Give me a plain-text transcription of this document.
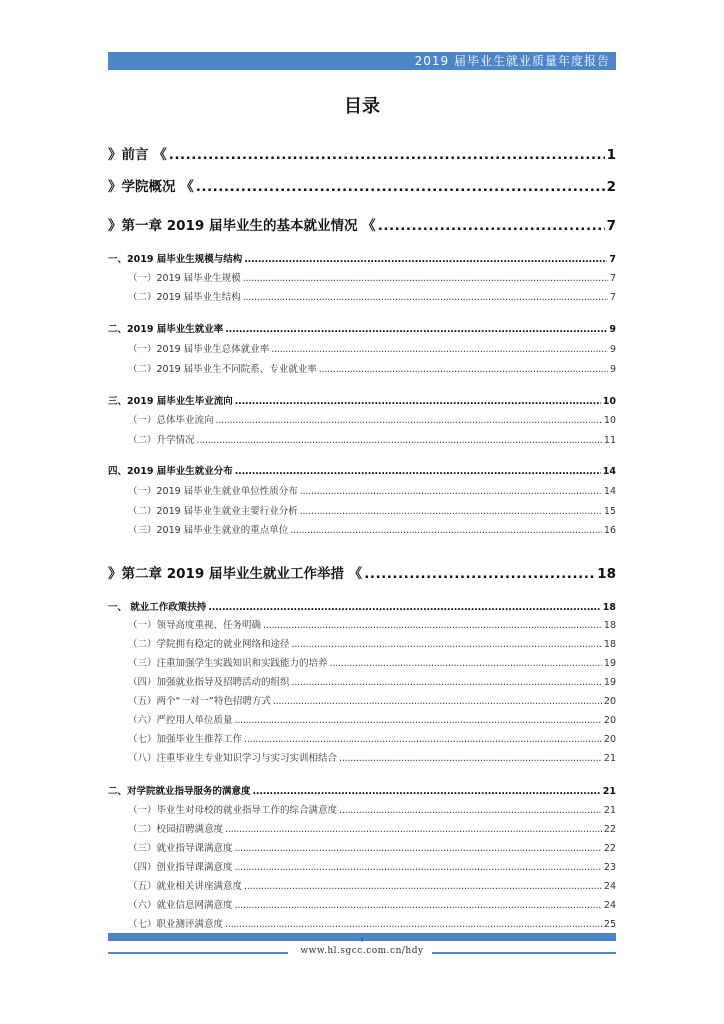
2019 届毕业生就业质量年度报告
目录
》前言 《 .....	1
》学院概况 《 .....	2
》第一章 2019 届毕业生的基本就业情况 《 .....	7
一、2019 届毕业生规模与结构 .....	7
（一）2019 届毕业生规模 .....	7
（二）2019 届毕业生结构 .....	7
二、2019 届毕业生就业率 .....	9
（一）2019 届毕业生总体就业率 .....	9
（二）2019 届毕业生不同院系、专业就业率 .....	9
三、2019 届毕业生毕业流向 .....	10
（一）总体毕业流向 .....	10
（二）升学情况 .....	11
四、2019 届毕业生就业分布 .....	14
（一）2019 届毕业生就业单位性质分布 .....	14
（二）2019 届毕业生就业主要行业分析 .....	15
（三）2019 届毕业生就业的重点单位 .....	16
》第二章 2019 届毕业生就业工作举措 《 .....	18
一、 就业工作政策扶持 .....	18
（一）领导高度重视、任务明确 .....	18
（二）学院拥有稳定的就业网络和途径 .....	18
（三）注重加强学生实践知识和实践能力的培养 .....	19
（四）加强就业指导及招聘活动的组织 .....	19
（五）两个“一对一”特色招聘方式 .....	20
（六）严控用人单位质量 .....	20
（七）加强毕业生推荐工作 .....	20
（八）注重毕业生专业知识学习与实习实训相结合 .....	21
二、对学院就业指导服务的满意度 .....	21
（一）毕业生对母校的就业指导工作的综合满意度 .....	21
（二）校园招聘满意度 .....	22
（三）就业指导课满意度 .....	22
（四）创业指导课满意度 .....	23
（五）就业相关讲座满意度 .....	24
（六）就业信息网满意度 .....	24
（七）职业测评满意度 .....	25
I
www.hl.sgcc.com.cn/hdy
